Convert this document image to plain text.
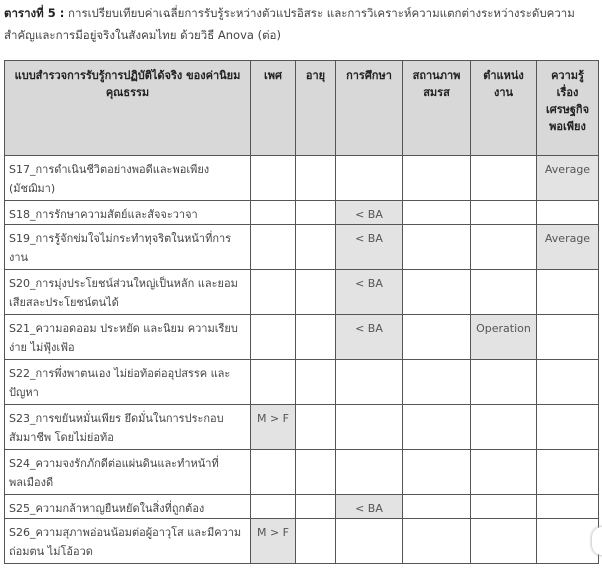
ตารางที่ 5 : การเปรียบเทียบค่าเฉลี่ยการรับรู้ระหว่างตัวแปรอิสระ และการวิเคราะห์ความแตกต่างระหว่างระดับความสำคัญและการมีอยู่จริงในสังคมไทย ด้วยวิธี Anova (ต่อ)
แบบสำรวจการรับรู้การปฏิบัติได้จริง ของค่านิยมคุณธรรม	เพศ	อายุ	การศึกษา	สถานภาพ สมรส	ตำแหน่ง งาน	ความรู้ เรื่อง เศรษฐกิจ พอเพียง
S17_การดำเนินชีวิตอย่างพอดีและพอเพียง (มัชฌิมา)						Average
S18_การรักษาความสัตย์และสัจจะวาจา			< BA			
S19_การรู้จักข่มใจไม่กระทำทุจริตในหน้าที่การงาน			< BA			Average
S20_การมุ่งประโยชน์ส่วนใหญ่เป็นหลัก และยอมเสียสละประโยชน์ตนได้			< BA			
S21_ความอดออม ประหยัด และนิยม ความเรียบง่าย ไม่ฟุ้งเฟ้อ			< BA		Operation	
S22_การพึ่งพาตนเอง ไม่ย่อท้อต่ออุปสรรค และปัญหา						
S23_การขยันหมั่นเพียร ยึดมั่นในการประกอบ สัมมาชีพ โดยไม่ย่อท้อ	M > F					
S24_ความจงรักภักดีต่อแผ่นดินและทำหน้าที่ พลเมืองดี						
S25_ความกล้าหาญยืนหยัดในสิ่งที่ถูกต้อง			< BA			
S26_ความสุภาพอ่อนน้อมต่อผู้อาวุโส และมีความถ่อมตน ไม่โอ้อวด	M > F					
